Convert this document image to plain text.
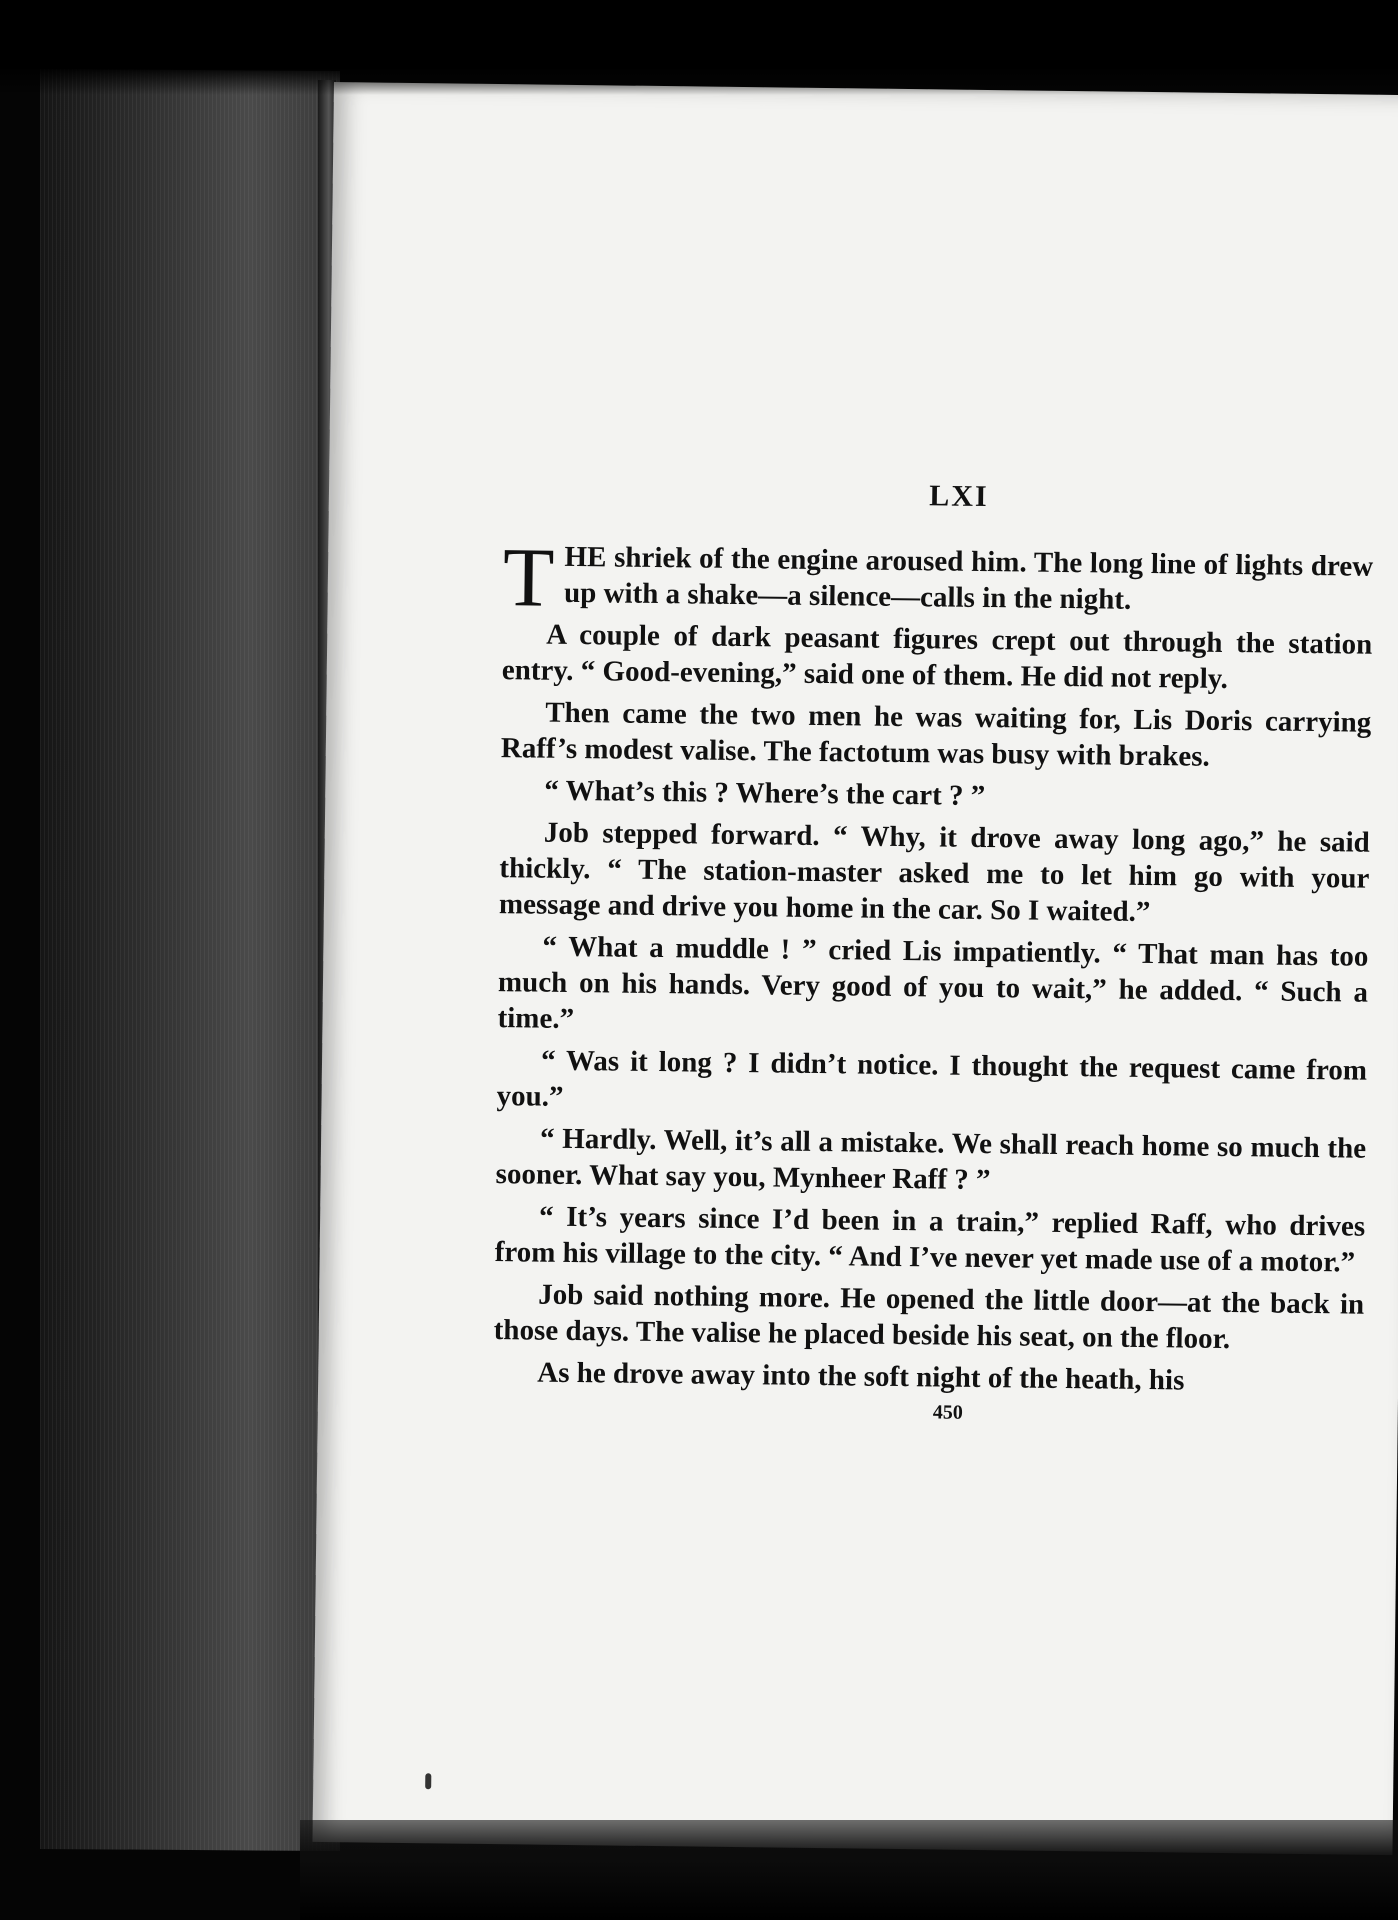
LXI

THE shriek of the engine aroused him. The long line of lights drew up with a shake—a silence—calls in the night.

A couple of dark peasant figures crept out through the station entry. “ Good-evening,” said one of them. He did not reply.

Then came the two men he was waiting for, Lis Doris carrying Raff’s modest valise. The factotum was busy with brakes.

“ What’s this ? Where’s the cart ? ”

Job stepped forward. “ Why, it drove away long ago,” he said thickly. “ The station-master asked me to let him go with your message and drive you home in the car. So I waited.”

“ What a muddle ! ” cried Lis impatiently. “ That man has too much on his hands. Very good of you to wait,” he added. “ Such a time.”

“ Was it long ? I didn’t notice. I thought the request came from you.”

“ Hardly. Well, it’s all a mistake. We shall reach home so much the sooner. What say you, Mynheer Raff ? ”

“ It’s years since I’d been in a train,” replied Raff, who drives from his village to the city. “ And I’ve never yet made use of a motor.”

Job said nothing more. He opened the little door—at the back in those days. The valise he placed beside his seat, on the floor.

As he drove away into the soft night of the heath, his

450
